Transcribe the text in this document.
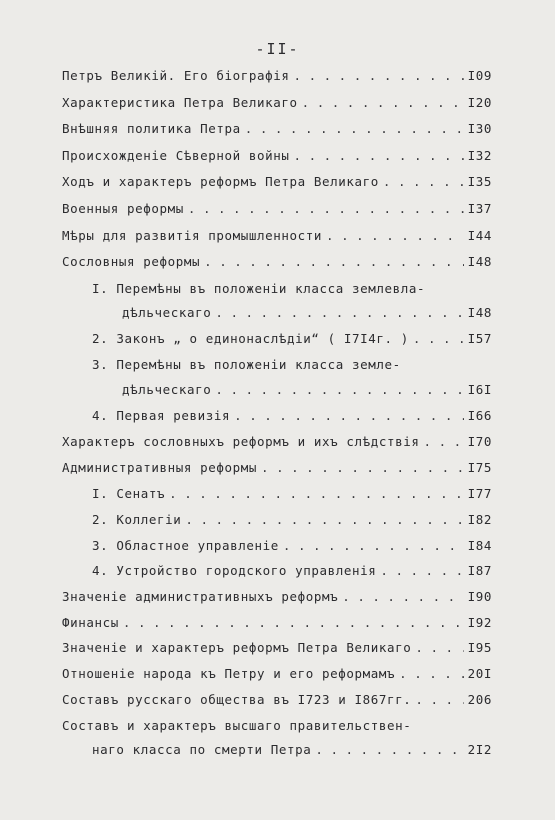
-II-
Петръ Великій. Его біографія . . .	I09
Характеристика Петра Великаго . . .	I20
Внѣшняя политика Петра . . .	I30
Происхожденіе Сѣверной войны . . .	I32
Ходъ и характеръ реформъ Петра Великаго . . .	I35
Военныя реформы . . .	I37
Мѣры для развитія промышленности . . .	I44
Сословныя реформы . . .	I48
I. Перемѣны въ положеніи класса землевла-
дѣльческаго . . .	I48
2. Законъ „ о единонаслѣдіи“ ( I7I4г. ) . . .	I57
3. Перемѣны въ положеніи класса земле-
дѣльческаго . . .	I6I
4. Первая ревизія . . .	I66
Характеръ сословныхъ реформъ и ихъ слѣдствія . . .	I70
Административныя реформы . . .	I75
I. Сенатъ . . .	I77
2. Коллегіи . . .	I82
3. Областное управленіе . . .	I84
4. Устройство городского управленія . . .	I87
Значеніе административныхъ реформъ . . .	I90
Финансы . . .	I92
Значеніе и характеръ реформъ Петра Великаго . . .	I95
Отношеніе народа къ Петру и его реформамъ . . .	20I
Составъ русскаго общества въ I723 и I867гг. . . .	206
Составъ и характеръ высшаго правительствен-
наго класса по смерти Петра . . .	2I2
